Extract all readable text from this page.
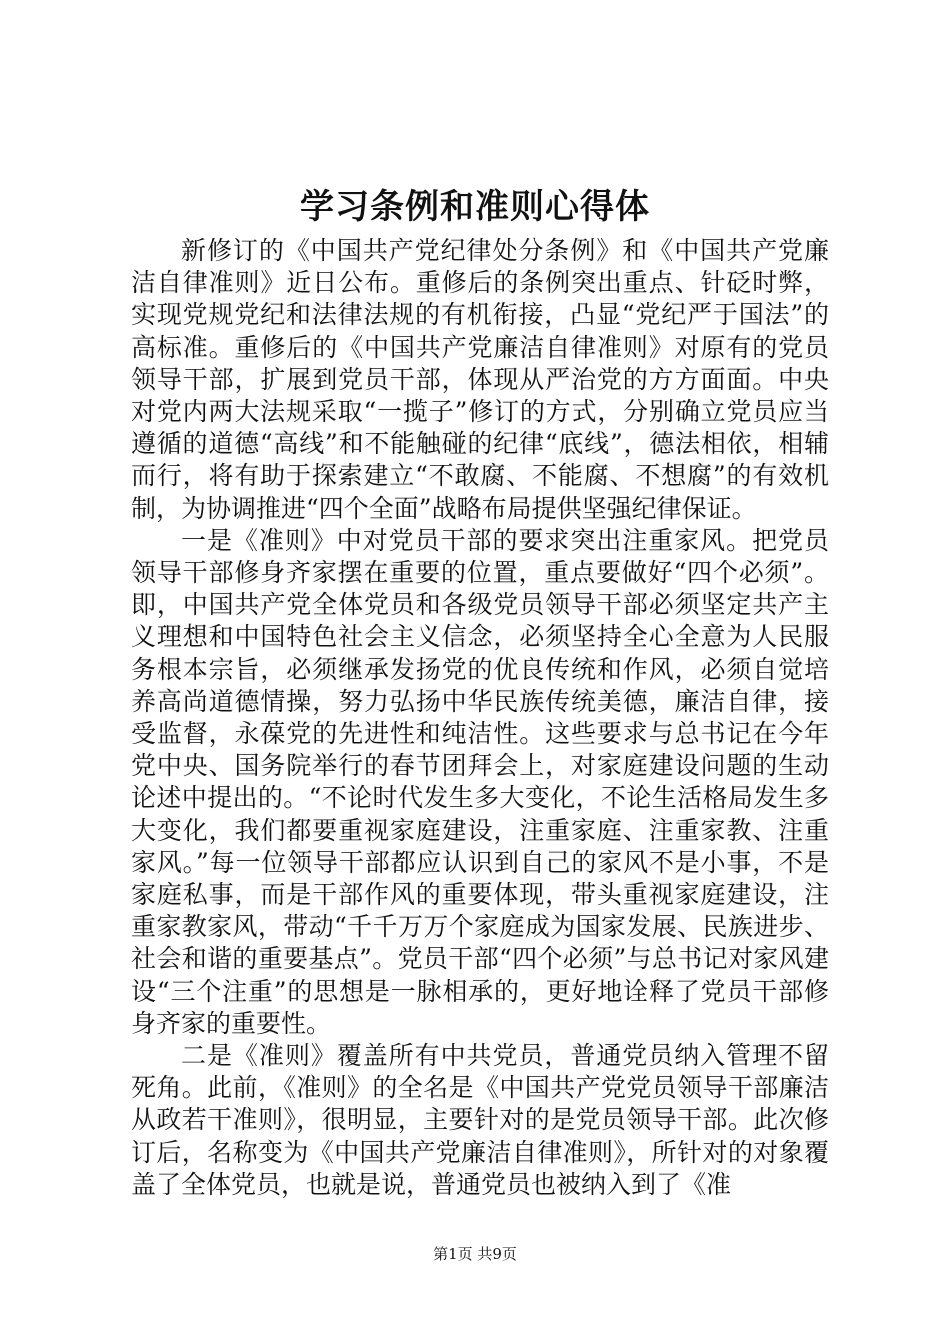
学习条例和准则心得体

新修订的《中国共产党纪律处分条例》和《中国共产党廉洁自律准则》近日公布。重修后的条例突出重点、针砭时弊，实现党规党纪和法律法规的有机衔接，凸显“党纪严于国法”的高标准。重修后的《中国共产党廉洁自律准则》对原有的党员领导干部，扩展到党员干部，体现从严治党的方方面面。中央对党内两大法规采取“一揽子”修订的方式，分别确立党员应当遵循的道德“高线”和不能触碰的纪律“底线”，德法相依，相辅而行，将有助于探索建立“不敢腐、不能腐、不想腐”的有效机制，为协调推进“四个全面”战略布局提供坚强纪律保证。

一是《准则》中对党员干部的要求突出注重家风。把党员领导干部修身齐家摆在重要的位置，重点要做好“四个必须”。即，中国共产党全体党员和各级党员领导干部必须坚定共产主义理想和中国特色社会主义信念，必须坚持全心全意为人民服务根本宗旨，必须继承发扬党的优良传统和作风，必须自觉培养高尚道德情操，努力弘扬中华民族传统美德，廉洁自律，接受监督，永葆党的先进性和纯洁性。这些要求与总书记在今年党中央、国务院举行的春节团拜会上，对家庭建设问题的生动论述中提出的。“不论时代发生多大变化，不论生活格局发生多大变化，我们都要重视家庭建设，注重家庭、注重家教、注重家风。”每一位领导干部都应认识到自己的家风不是小事，不是家庭私事，而是干部作风的重要体现，带头重视家庭建设，注重家教家风，带动“千千万万个家庭成为国家发展、民族进步、社会和谐的重要基点”。党员干部“四个必须”与总书记对家风建设“三个注重”的思想是一脉相承的，更好地诠释了党员干部修身齐家的重要性。

二是《准则》覆盖所有中共党员，普通党员纳入管理不留死角。此前，《准则》的全名是《中国共产党党员领导干部廉洁从政若干准则》，很明显，主要针对的是党员领导干部。此次修订后，名称变为《中国共产党廉洁自律准则》，所针对的对象覆盖了全体党员，也就是说，普通党员也被纳入到了《准

第1页 共9页
